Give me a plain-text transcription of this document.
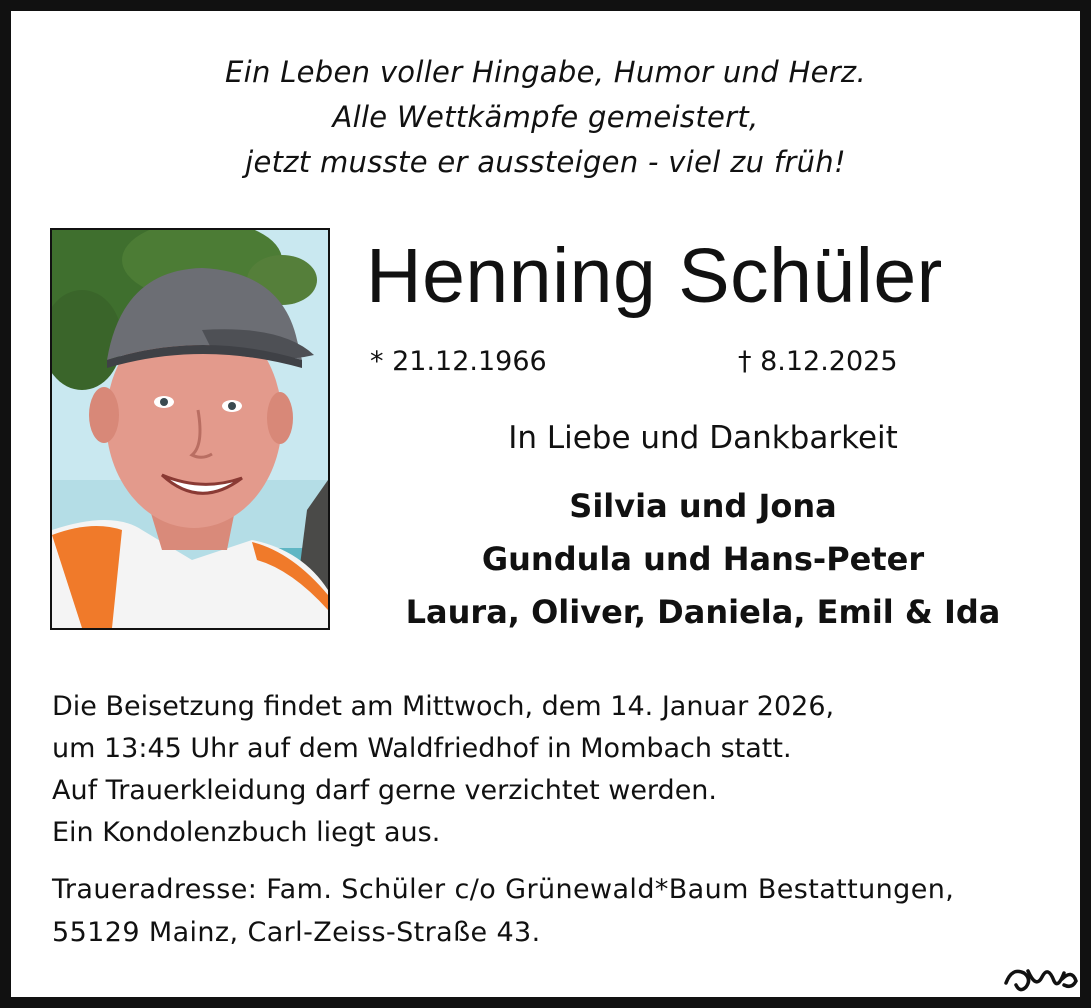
Ein Leben voller Hingabe, Humor und Herz.
Alle Wettkämpfe gemeistert,
jetzt musste er aussteigen - viel zu früh!
Henning Schüler
* 21.12.1966	† 8.12.2025
In Liebe und Dankbarkeit
Silvia und Jona
Gundula und Hans-Peter
Laura, Oliver, Daniela, Emil & Ida
Die Beisetzung findet am Mittwoch, dem 14. Januar 2026,
um 13:45 Uhr auf dem Waldfriedhof in Mombach statt.
Auf Trauerkleidung darf gerne verzichtet werden.
Ein Kondolenzbuch liegt aus.
Traueradresse: Fam. Schüler c/o Grünewald*Baum Bestattungen,
55129 Mainz, Carl-Zeiss-Straße 43.
